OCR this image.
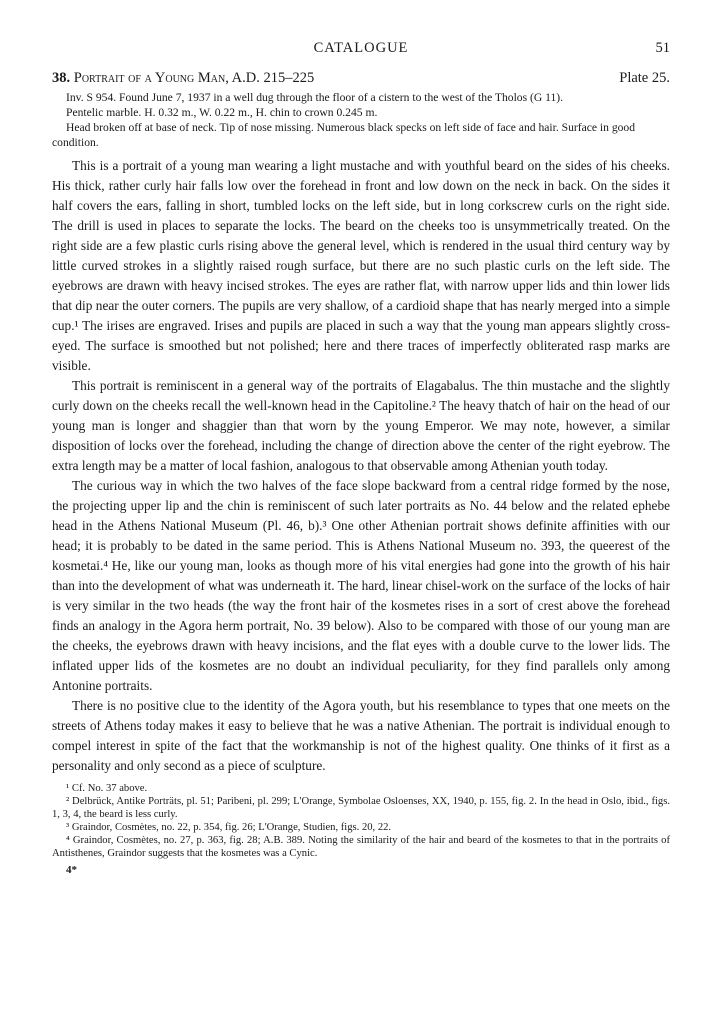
CATALOGUE	51
38. Portrait of a Young Man, A.D. 215–225	Plate 25.

Inv. S 954. Found June 7, 1937 in a well dug through the floor of a cistern to the west of the Tholos (G 11).

Pentelic marble. H. 0.32 m., W. 0.22 m., H. chin to crown 0.245 m.

Head broken off at base of neck. Tip of nose missing. Numerous black specks on left side of face and hair. Surface in good condition.

This is a portrait of a young man wearing a light mustache and with youthful beard on the sides of his cheeks. His thick, rather curly hair falls low over the forehead in front and low down on the neck in back. On the sides it half covers the ears, falling in short, tumbled locks on the left side, but in long corkscrew curls on the right side. The drill is used in places to separate the locks. The beard on the cheeks too is unsymmetrically treated. On the right side are a few plastic curls rising above the general level, which is rendered in the usual third century way by little curved strokes in a slightly raised rough surface, but there are no such plastic curls on the left side. The eyebrows are drawn with heavy incised strokes. The eyes are rather flat, with narrow upper lids and thin lower lids that dip near the outer corners. The pupils are very shallow, of a cardioid shape that has nearly merged into a simple cup.¹ The irises are engraved. Irises and pupils are placed in such a way that the young man appears slightly cross-eyed. The surface is smoothed but not polished; here and there traces of imperfectly obliterated rasp marks are visible.

This portrait is reminiscent in a general way of the portraits of Elagabalus. The thin mustache and the slightly curly down on the cheeks recall the well-known head in the Capitoline.² The heavy thatch of hair on the head of our young man is longer and shaggier than that worn by the young Emperor. We may note, however, a similar disposition of locks over the forehead, including the change of direction above the center of the right eyebrow. The extra length may be a matter of local fashion, analogous to that observable among Athenian youth today.

The curious way in which the two halves of the face slope backward from a central ridge formed by the nose, the projecting upper lip and the chin is reminiscent of such later portraits as No. 44 below and the related ephebe head in the Athens National Museum (Pl. 46, b).³ One other Athenian portrait shows definite affinities with our head; it is probably to be dated in the same period. This is Athens National Museum no. 393, the queerest of the kosmetai.⁴ He, like our young man, looks as though more of his vital energies had gone into the growth of his hair than into the development of what was underneath it. The hard, linear chisel-work on the surface of the locks of hair is very similar in the two heads (the way the front hair of the kosmetes rises in a sort of crest above the forehead finds an analogy in the Agora herm portrait, No. 39 below). Also to be compared with those of our young man are the cheeks, the eyebrows drawn with heavy incisions, and the flat eyes with a double curve to the lower lids. The inflated upper lids of the kosmetes are no doubt an individual peculiarity, for they find parallels only among Antonine portraits.

There is no positive clue to the identity of the Agora youth, but his resemblance to types that one meets on the streets of Athens today makes it easy to believe that he was a native Athenian. The portrait is individual enough to compel interest in spite of the fact that the workmanship is not of the highest quality. One thinks of it first as a personality and only second as a piece of sculpture.

¹ Cf. No. 37 above.

² Delbrück, Antike Porträts, pl. 51; Paribeni, pl. 299; L'Orange, Symbolae Osloenses, XX, 1940, p. 155, fig. 2. In the head in Oslo, ibid., figs. 1, 3, 4, the beard is less curly.

³ Graindor, Cosmètes, no. 22, p. 354, fig. 26; L'Orange, Studien, figs. 20, 22.

⁴ Graindor, Cosmètes, no. 27, p. 363, fig. 28; A.B. 389. Noting the similarity of the hair and beard of the kosmetes to that in the portraits of Antisthenes, Graindor suggests that the kosmetes was a Cynic.

4*
